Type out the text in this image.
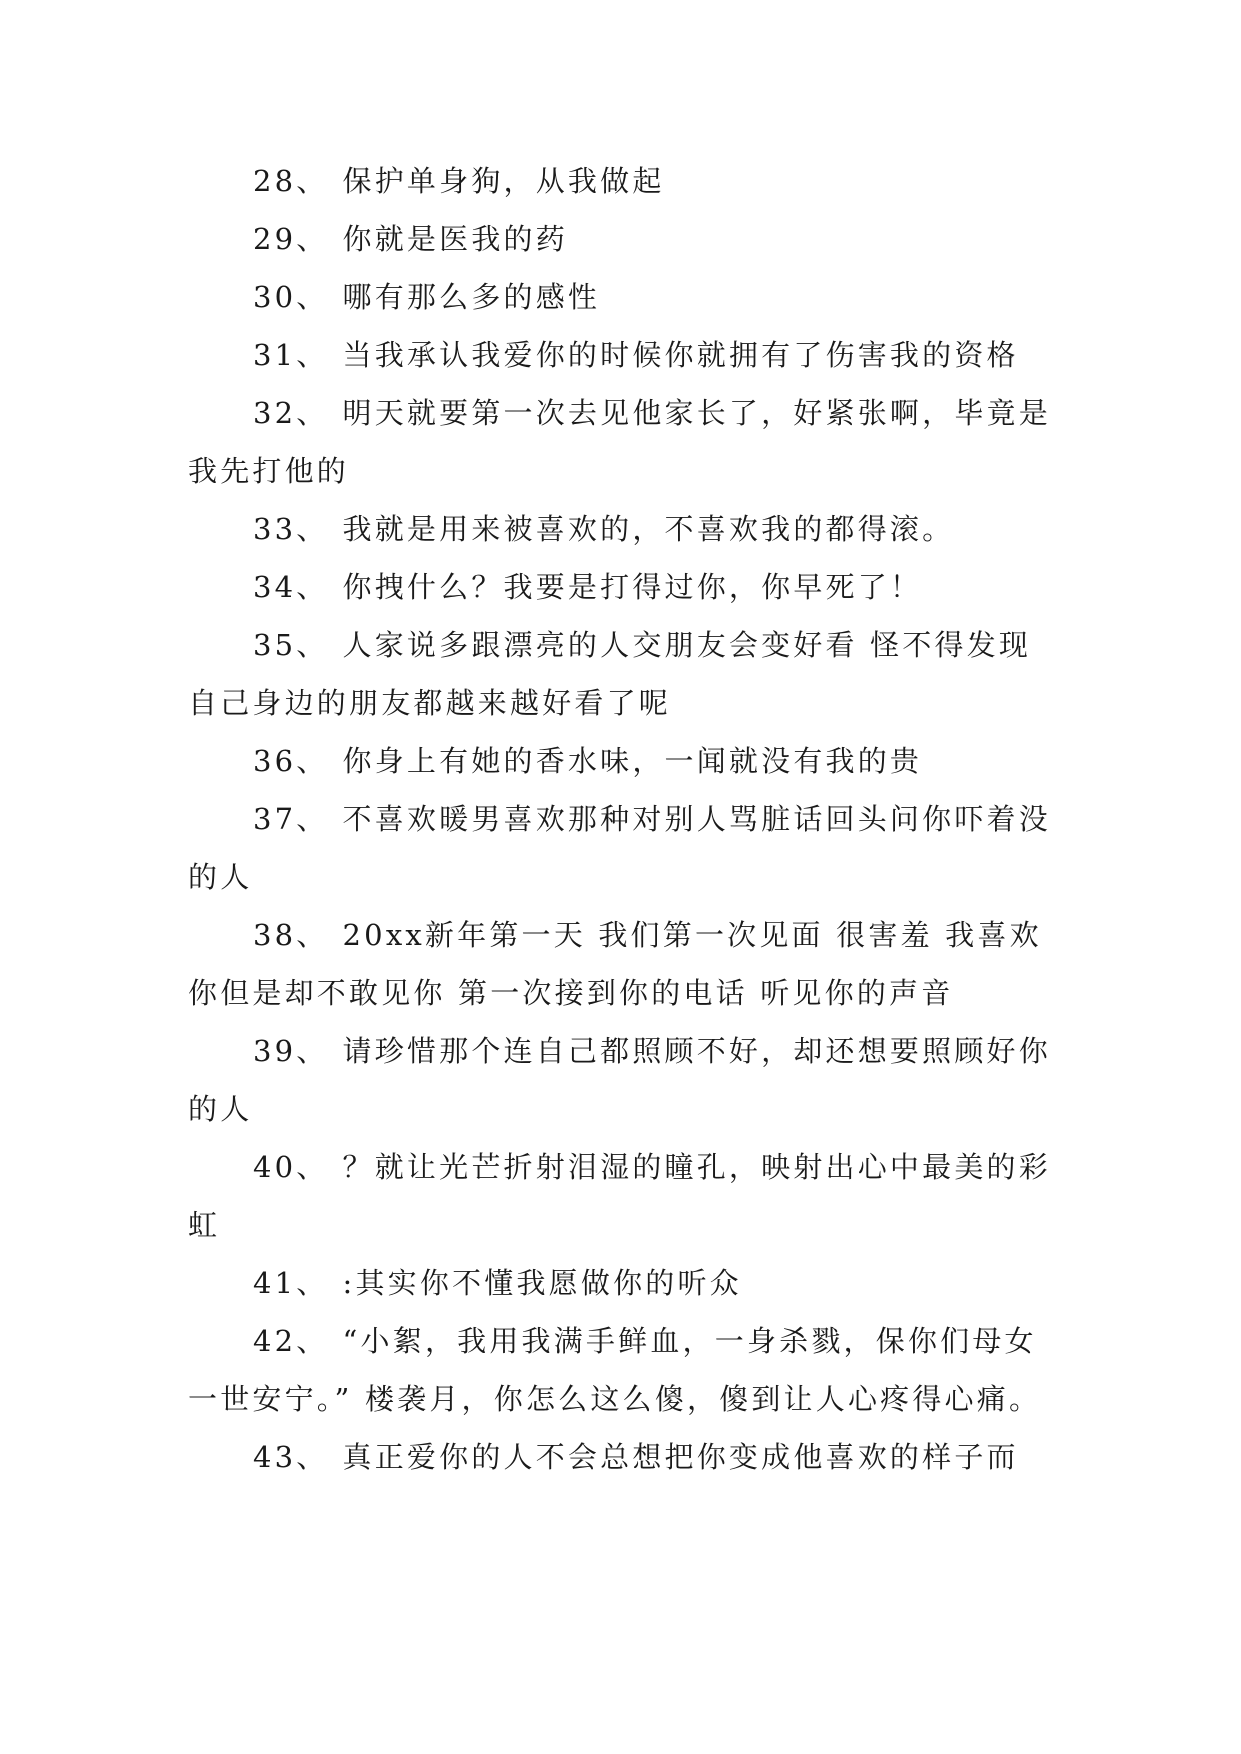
28、 保护单身狗，从我做起

29、 你就是医我的药

30、 哪有那么多的感性

31、 当我承认我爱你的时候你就拥有了伤害我的资格

32、 明天就要第一次去见他家长了，好紧张啊，毕竟是我先打他的

33、 我就是用来被喜欢的，不喜欢我的都得滚。

34、 你拽什么？我要是打得过你，你早死了！

35、 人家说多跟漂亮的人交朋友会变好看 怪不得发现自己身边的朋友都越来越好看了呢

36、 你身上有她的香水味，一闻就没有我的贵

37、 不喜欢暖男喜欢那种对别人骂脏话回头问你吓着没的人

38、 20xx新年第一天 我们第一次见面 很害羞 我喜欢你但是却不敢见你 第一次接到你的电话 听见你的声音

39、 请珍惜那个连自己都照顾不好，却还想要照顾好你的人

40、 ？就让光芒折射泪湿的瞳孔，映射出心中最美的彩虹

41、 :其实你不懂我愿做你的听众

42、 “小絮，我用我满手鲜血，一身杀戮，保你们母女一世安宁。” 楼袭月，你怎么这么傻，傻到让人心疼得心痛。

43、 真正爱你的人不会总想把你变成他喜欢的样子而
